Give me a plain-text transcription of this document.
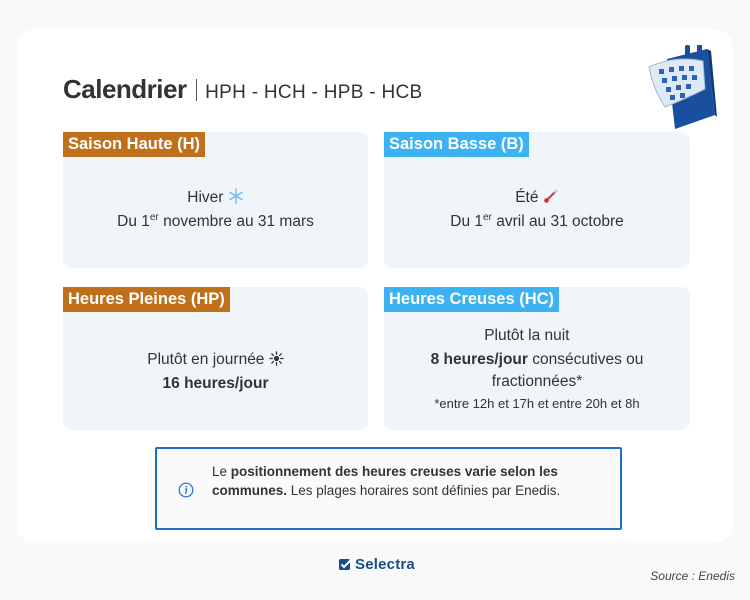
Calendrier HPH - HCH - HPB - HCB
Saison Haute (H)
Hiver
Du 1er novembre au 31 mars
Saison Basse (B)
Été
Du 1er avril au 31 octobre
Heures Pleines (HP)
Plutôt en journée
16 heures/jour
Heures Creuses (HC)
Plutôt la nuit
8 heures/jour consécutives ou fractionnées*
*entre 12h et 17h et entre 20h et 8h
Le positionnement des heures creuses varie selon les communes. Les plages horaires sont définies par Enedis.
Selectra
Source : Enedis
